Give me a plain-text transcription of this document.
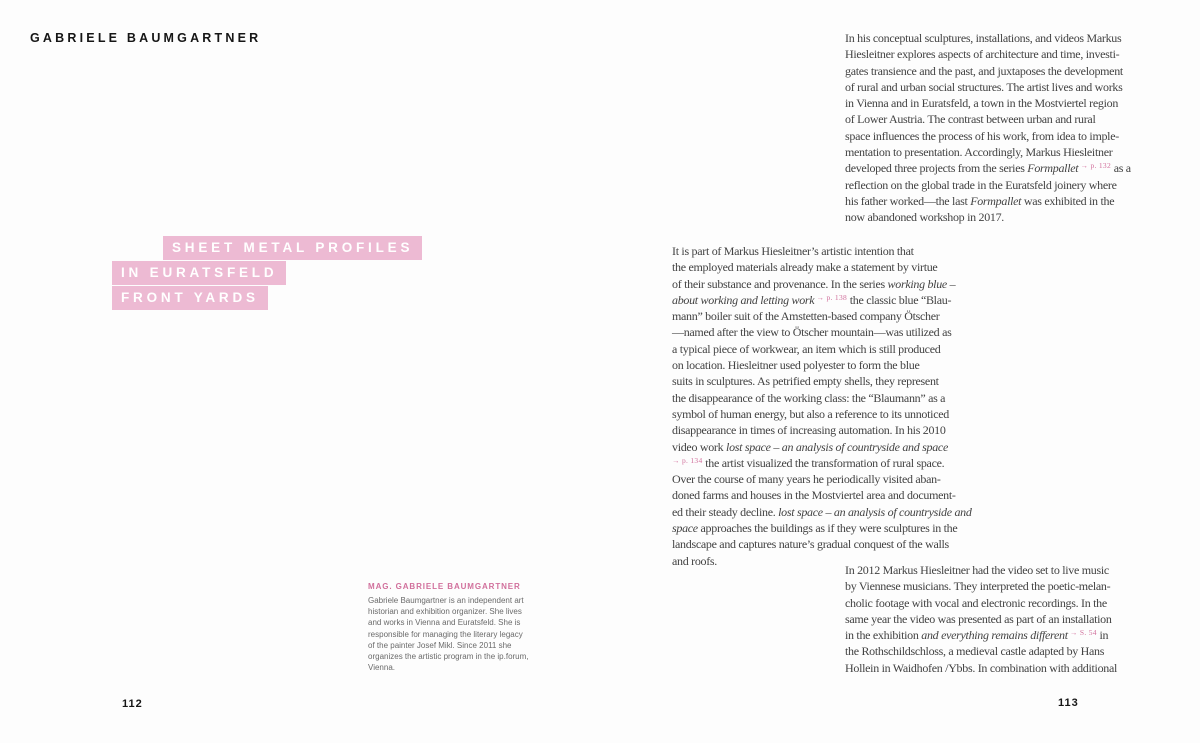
GABRIELE BAUMGARTNER
SHEET METAL PROFILES
IN EURATSFELD
FRONT YARDS
MAG. GABRIELE BAUMGARTNER
Gabriele Baumgartner is an independent art
historian and exhibition organizer. She lives
and works in Vienna and Euratsfeld. She is
responsible for managing the literary legacy
of the painter Josef Mikl. Since 2011 she
organizes the artistic program in the ip.forum,
Vienna.
112
In his conceptual sculptures, installations, and videos Markus
Hiesleitner explores aspects of architecture and time, investi-
gates transience and the past, and juxtaposes the development
of rural and urban social structures. The artist lives and works
in Vienna and in Euratsfeld, a town in the Mostviertel region
of Lower Austria. The contrast between urban and rural
space influences the process of his work, from idea to imple-
mentation to presentation. Accordingly, Markus Hiesleitner
developed three projects from the series Formpallet $^{\to p. 132}$ as a
reflection on the global trade in the Euratsfeld joinery where
his father worked—the last Formpallet was exhibited in the
now abandoned workshop in 2017.
It is part of Markus Hiesleitner’s artistic intention that
the employed materials already make a statement by virtue
of their substance and provenance. In the series working blue –
about working and letting work $^{\to p. 138}$ the classic blue “Blau-
mann” boiler suit of the Amstetten-based company Ötscher
—named after the view to Ötscher mountain—was utilized as
a typical piece of workwear, an item which is still produced
on location. Hiesleitner used polyester to form the blue
suits in sculptures. As petrified empty shells, they represent
the disappearance of the working class: the “Blaumann” as a
symbol of human energy, but also a reference to its unnoticed
disappearance in times of increasing automation. In his 2010
video work lost space – an analysis of countryside and space
$^{\to p. 134}$ the artist visualized the transformation of rural space.
Over the course of many years he periodically visited aban-
doned farms and houses in the Mostviertel area and document-
ed their steady decline. lost space – an analysis of countryside and
space approaches the buildings as if they were sculptures in the
landscape and captures nature’s gradual conquest of the walls
and roofs.
In 2012 Markus Hiesleitner had the video set to live music
by Viennese musicians. They interpreted the poetic-melan-
cholic footage with vocal and electronic recordings. In the
same year the video was presented as part of an installation
in the exhibition and everything remains different $^{\to S. 54}$ in
the Rothschildschloss, a medieval castle adapted by Hans
Hollein in Waidhofen /Ybbs. In combination with additional
113
